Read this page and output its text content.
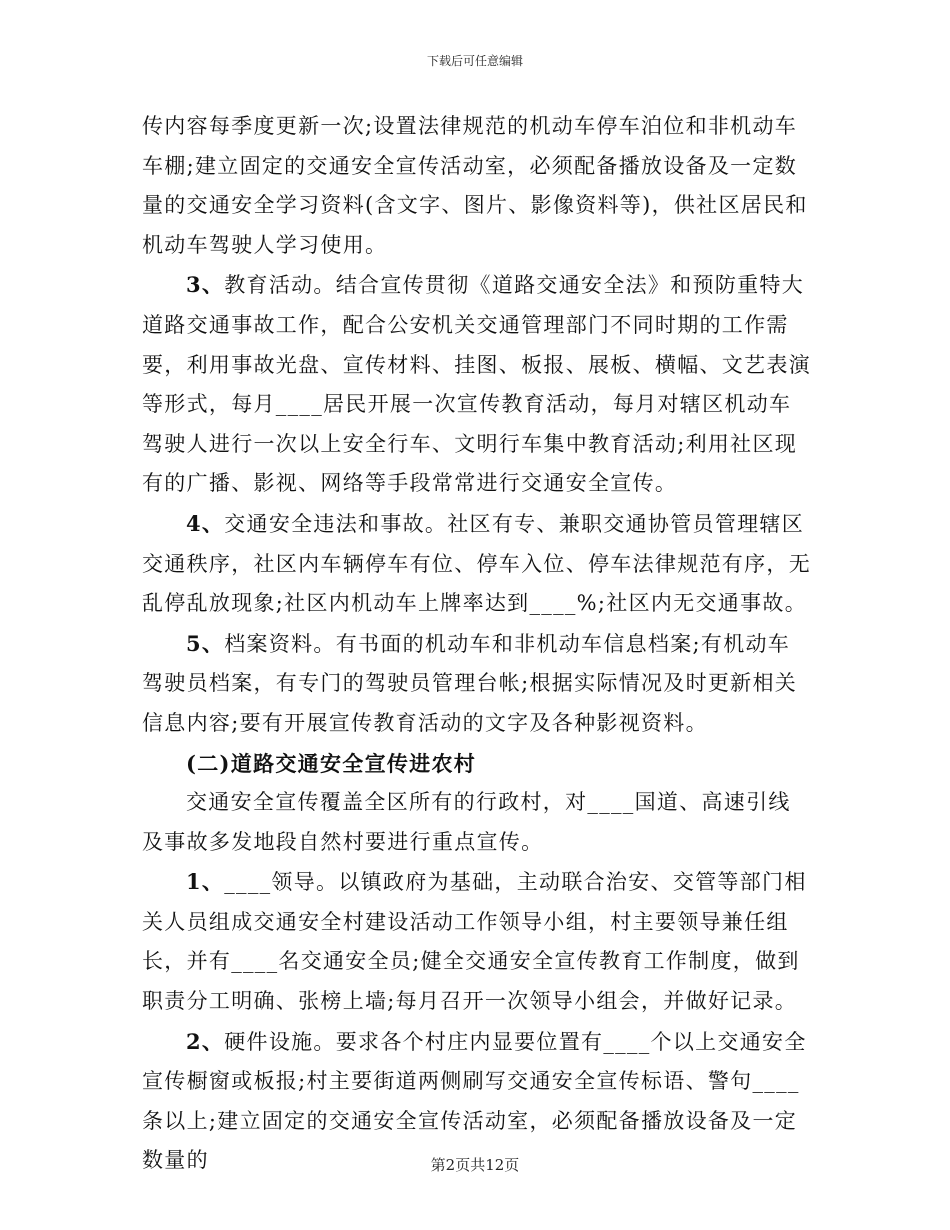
下载后可任意编辑

传内容每季度更新一次;设置法律规范的机动车停车泊位和非机动车车棚;建立固定的交通安全宣传活动室，必须配备播放设备及一定数量的交通安全学习资料(含文字、图片、影像资料等)，供社区居民和机动车驾驶人学习使用。

3、教育活动。结合宣传贯彻《道路交通安全法》和预防重特大道路交通事故工作，配合公安机关交通管理部门不同时期的工作需要，利用事故光盘、宣传材料、挂图、板报、展板、横幅、文艺表演等形式，每月____居民开展一次宣传教育活动，每月对辖区机动车驾驶人进行一次以上安全行车、文明行车集中教育活动;利用社区现有的广播、影视、网络等手段常常进行交通安全宣传。

4、交通安全违法和事故。社区有专、兼职交通协管员管理辖区交通秩序，社区内车辆停车有位、停车入位、停车法律规范有序，无乱停乱放现象;社区内机动车上牌率达到____%;社区内无交通事故。

5、档案资料。有书面的机动车和非机动车信息档案;有机动车驾驶员档案，有专门的驾驶员管理台帐;根据实际情况及时更新相关信息内容;要有开展宣传教育活动的文字及各种影视资料。

(二)道路交通安全宣传进农村

交通安全宣传覆盖全区所有的行政村，对____国道、高速引线及事故多发地段自然村要进行重点宣传。

1、____领导。以镇政府为基础，主动联合治安、交管等部门相关人员组成交通安全村建设活动工作领导小组，村主要领导兼任组长，并有____名交通安全员;健全交通安全宣传教育工作制度，做到职责分工明确、张榜上墙;每月召开一次领导小组会，并做好记录。

2、硬件设施。要求各个村庄内显要位置有____个以上交通安全宣传橱窗或板报;村主要街道两侧刷写交通安全宣传标语、警句____条以上;建立固定的交通安全宣传活动室，必须配备播放设备及一定数量的	第2页共12页
